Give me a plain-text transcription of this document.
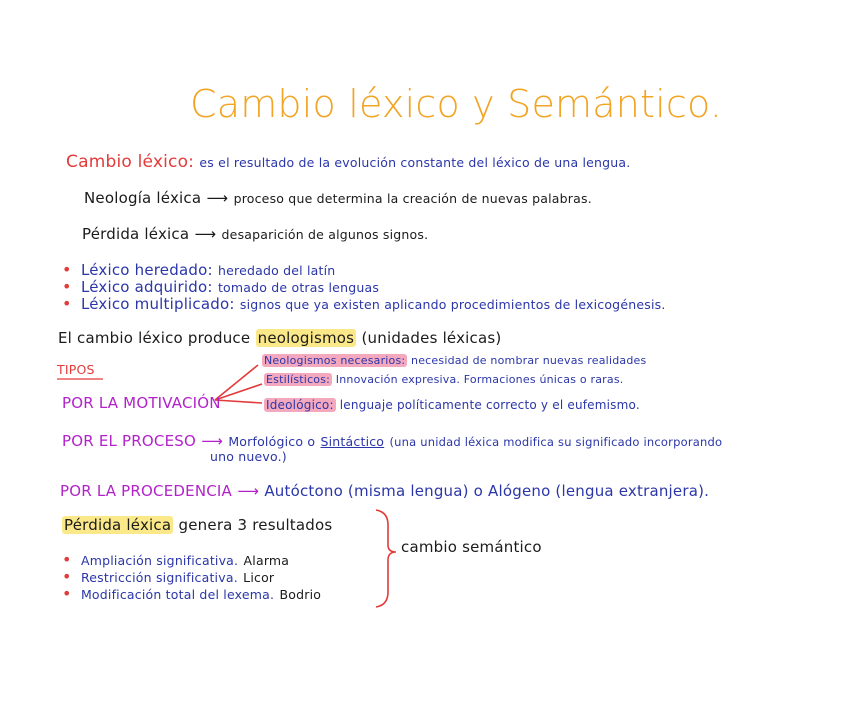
Cambio léxico y Semántico.
Cambio léxico: es el resultado de la evolución constante del léxico de una lengua.
Neología léxica ⟶ proceso que determina la creación de nuevas palabras.
Pérdida léxica ⟶ desaparición de algunos signos.
• Léxico heredado: heredado del latín
• Léxico adquirido: tomado de otras lenguas
• Léxico multiplicado: signos que ya existen aplicando procedimientos de lexicogénesis.
El cambio léxico produce neologismos (unidades léxicas)
TIPOS
POR LA MOTIVACIÓN
Neologismos necesarios: necesidad de nombrar nuevas realidades
Estilísticos: Innovación expresiva. Formaciones únicas o raras.
Ideológico: lenguaje políticamente correcto y el eufemismo.
POR EL PROCESO ⟶ Morfológico o Sintáctico (una unidad léxica modifica su significado incorporando
uno nuevo.)
POR LA PROCEDENCIA ⟶ Autóctono (misma lengua) o Alógeno (lengua extranjera).
Pérdida léxica genera 3 resultados
• Ampliación significativa. Alarma
• Restricción significativa. Licor
• Modificación total del lexema. Bodrio
cambio semántico
